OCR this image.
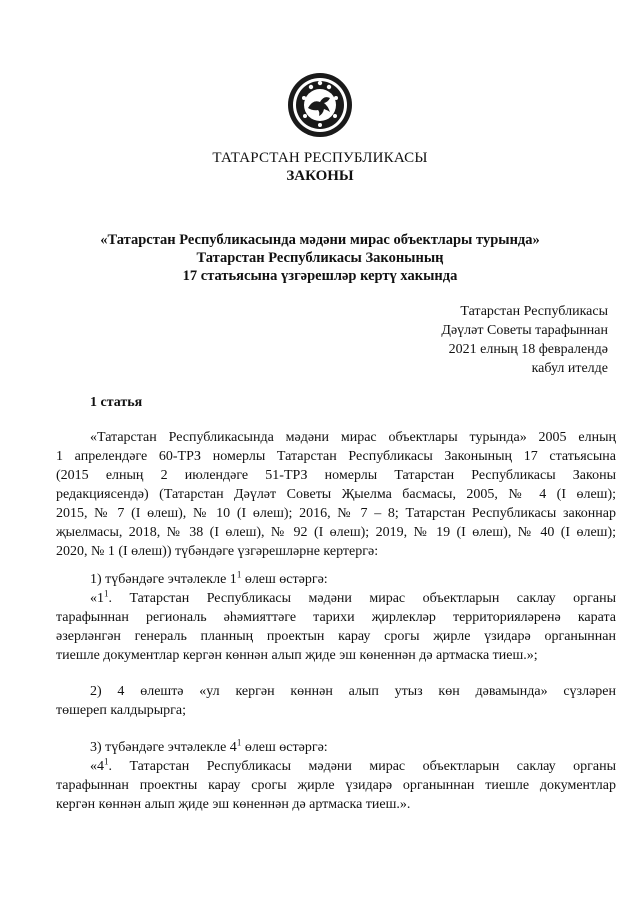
ТАТАРСТАН РЕСПУБЛИКАСЫ
ЗАКОНЫ
«Татарстан Республикасында мәдәни мирас объектлары турында»
Татарстан Республикасы Законының
17 статьясына үзгәрешләр кертү хакында
Татарстан Республикасы
Дәүләт Советы тарафыннан
2021 елның 18 февралендә
кабул ителде
1 статья
«Татарстан Республикасында мәдәни мирас объектлары турында» 2005 елның
1 апрелендәге 60-ТРЗ номерлы Татарстан Республикасы Законының 17 статьясына
(2015 елның 2 июлендәге 51-ТРЗ номерлы Татарстан Республикасы Законы
редакциясендә) (Татарстан Дәүләт Советы Җыелма басмасы, 2005, № 4 (I өлеш);
2015, № 7 (I өлеш), № 10 (I өлеш); 2016, № 7 – 8; Татарстан Республикасы законнар
җыелмасы, 2018, № 38 (I өлеш), № 92 (I өлеш); 2019, № 19 (I өлеш), № 40 (I өлеш);
2020, № 1 (I өлеш)) түбәндәге үзгәрешләрне кертергә:
1) түбәндәге эчтәлекле $1^1$ өлеш өстәргә:
«$1^1$. Татарстан Республикасы мәдәни мирас объектларын саклау органы
тарафыннан региональ әһәмияттәге тарихи җирлекләр территорияләренә карата
әзерләнгән генераль планның проектын карау срогы җирле үзидарә органыннан
тиешле документлар кергән көннән алып җиде эш көненнән дә артмаска тиеш.»;
2) 4 өлештә «ул кергән көннән алып утыз көн дәвамында» сүзләрен
төшереп калдырырга;
3) түбәндәге эчтәлекле $4^1$ өлеш өстәргә:
«$4^1$. Татарстан Республикасы мәдәни мирас объектларын саклау органы
тарафыннан проектны карау срогы җирле үзидарә органыннан тиешле документлар
кергән көннән алып җиде эш көненнән дә артмаска тиеш.».
